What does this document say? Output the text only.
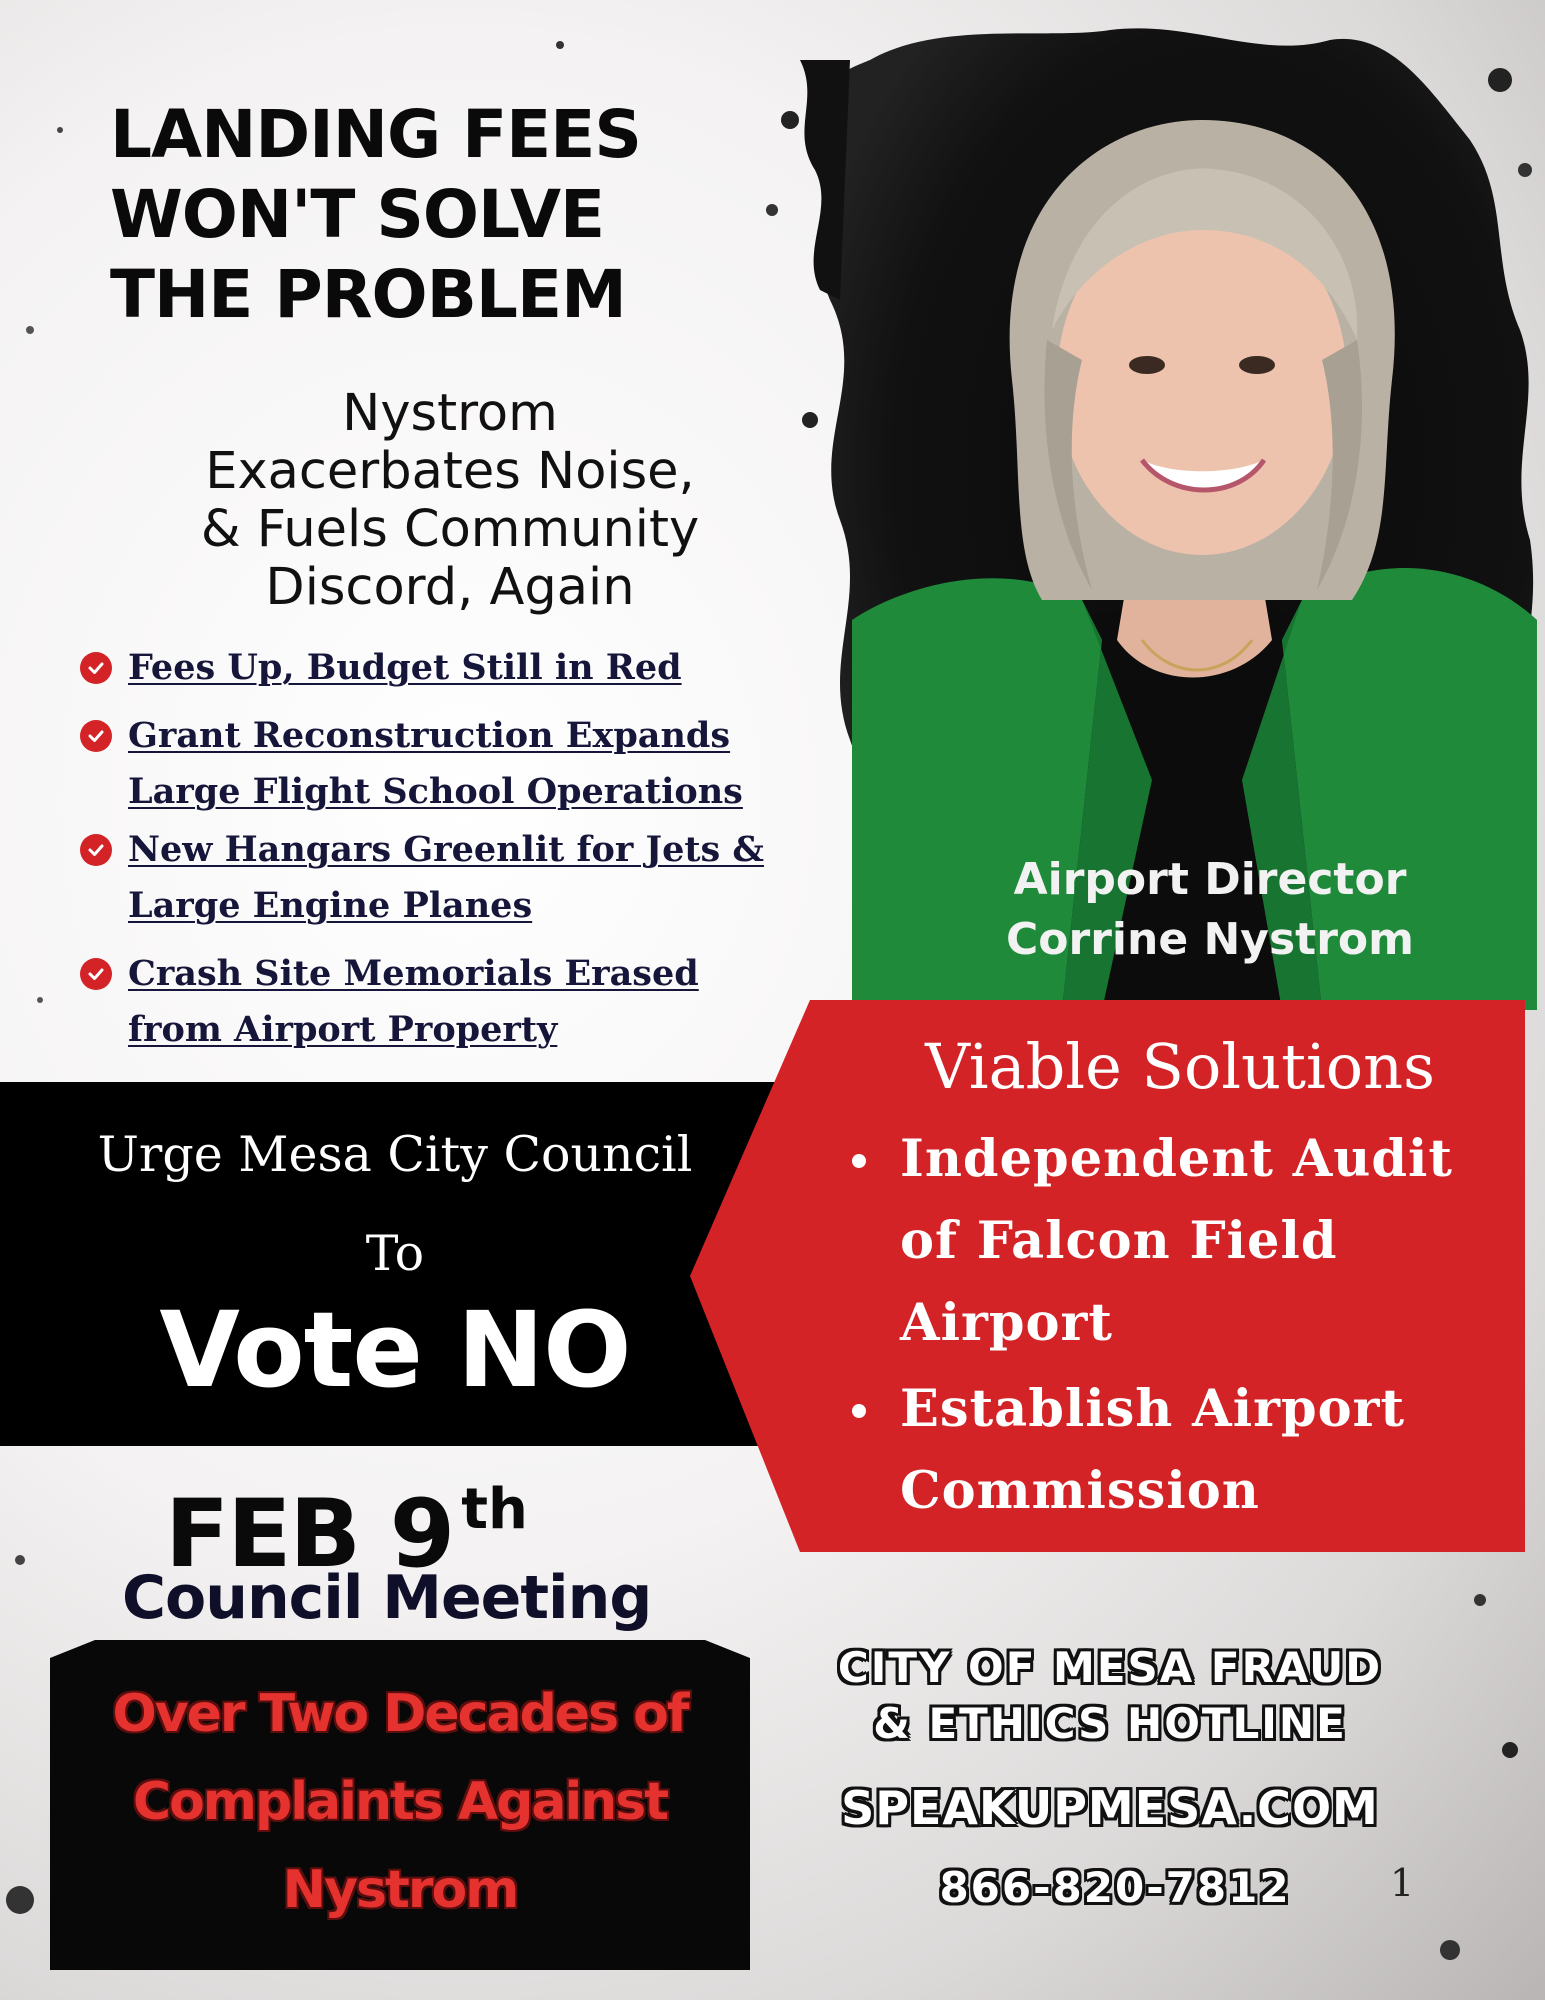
LANDING FEES
WON'T SOLVE
THE PROBLEM
Nystrom
Exacerbates Noise,
& Fuels Community
Discord, Again
Fees Up, Budget Still in Red
Grant Reconstruction Expands
Large Flight School Operations
New Hangars Greenlit for Jets &
Large Engine Planes
Crash Site Memorials Erased
from Airport Property
Airport Director
Corrine Nystrom
Urge Mesa City Council
To
Vote NO
Viable Solutions
Independent Audit
of Falcon Field
Airport
Establish Airport
Commission
FEB 9 $^{th}$
Council Meeting
Over Two Decades of
Complaints Against
Nystrom
CITY OF MESA FRAUD
& ETHICS HOTLINE
SPEAKUPMESA.COM
866-820-7812	1
